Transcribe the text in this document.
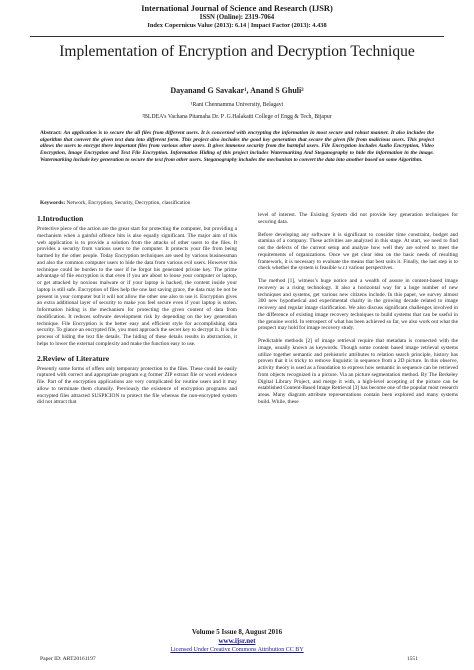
International Journal of Science and Research (IJSR)
ISSN (Online): 2319-7064
Index Copernicus Value (2013): 6.14 | Impact Factor (2013): 4.438
Implementation of Encryption and Decryption Technique
Dayanand G Savakar¹, Anand S Ghuli²
¹Rani Chennamma University, Belagavi
²BLDEA’s Vachana Pitamaha Dr. P .G.Halakatti College of Engg & Tech, Bijapur
Abstract: An application is to secure the all files from different users. It is concerned with encrypting the information in most secure and robust manner. It also includes the algorithm that convert the given text data into different form. This project also includes the good key generation that secure the given file from malicious users. This project allows the users to encrypt there important files from various other users. It gives immense security from the harmful users. File Encryption includes Audio Encryption, Video Encryption, Image Encryption and Text File Encryption. Information Hiding of this project includes Watermarking And Steganography to hide the information in the image. Watermarking include key generation to secure the text from other users. Steganography includes the mechanism to convert the data into another based on some Algorithm.
Keywords: Network, Encryption, Security, Decryption, classification
1.Introduction

Protective piece of the action are the great start for protecting the computer, but providing a mechanism when a gainful offence hits is also equally significant. The major aim of this web application is to provide a solution from the attacks of other users to the files. It provides a security from various users to the computer. It protects your file from being harmed by the other people. Today Encryption techniques are used by various businessman and also the common computer users to hide the data from various evil users. However this technique could be burden to the user if he forgot his generated private key. The prime advantage of file encryption is that even if you are about to loose your computer or laptop, or get attacked by noxious malware or if your laptop is hacked, the content inside your laptop is still safe. Encryption of files help the one last saving grace, the data may be not be present in your computer but it will not allow the other one also to use it. Encryption gives an extra additional layer of security to make you feel secure even if your laptop is stolen. Information hiding is the mechanism for protecting the given content of data from modification. It reduces software development risk by depending on the key generation technique. File Encryption is the better easy and efficient style for accomplishing data security. To glance an encrypted file, you must approach the secret key to decrypt it. It is the process of hiding the text file details. The hiding of these details results in abstraction, it helps to lower the external complexity and make the function easy to use.

2.Review of Literature

Presently some forms of offers only temporary protection to the files. These could be easily ruptured with correct and appropriate program e.g former ZIP extract file or word evidence file. Part of the encryption applications are very complicated for routine users and it may allow to terminate them clumsily. Previously the existence of encryption programs and encrypted files attracted SUSPICION to protect the file whereas the non-encrypted system did not attract that

level of interest. The Existing System did not provide key generation techniques for securing data.

Before developing any software it is significant to consider time constraint, budget and stamina of a company. These activities are analyzed in this stage. At start, we need to find out the defects of the current setup and analyze how well they are solved to meet the requirements of organizations. Once we get clear idea on the basic needs of resulting framework, it is necessary to evaluate the means that best suits it. Finally, the last step is to check whether the system is feasible w.r.t various perspectives.

The method [1], witness’s huge notice and a wealth of assure in content-based image recovery as a rising technology. It also a horizontal way for a huge number of new techniques and systems, get various new citizens include. In this paper, we survey almost 300 new hypothetical and experimental charity in the growing decade related to image recovery and regular image clarification. We also discuss significant challenges involved in the difference of existing image recovery techniques to build systems that can be useful in the genuine world. In retrospect of what has been achieved so far, we also work out what the prospect may hold for image recovery study.

Predictable methods [2] of image retrieval require that metadata is connected with the image, usually known as keywords. Though some content based image retrieval systems utilize together semantic and prehistoric attributes to relation search principle, history has proven that it is tricky to remove linguistic in sequence from a 2D picture. In this observe, activity theory is used as a foundation to express how semantic in sequence can be retrieved from objects recognized in a picture. Via an picture segmentation method. By The Berkeley Digital Library Project, and merge it with, a high-level accepting of the picture can be established Content-Based Image Retrieval [3] has become one of the popular most research areas. Many diagram attribute representations contain been explored and many systems build. While, these

Volume 5 Issue 8, August 2016
www.ijsr.net
Licensed Under Creative Commons Attribution CC BY
Paper ID: ART20161197	1551
